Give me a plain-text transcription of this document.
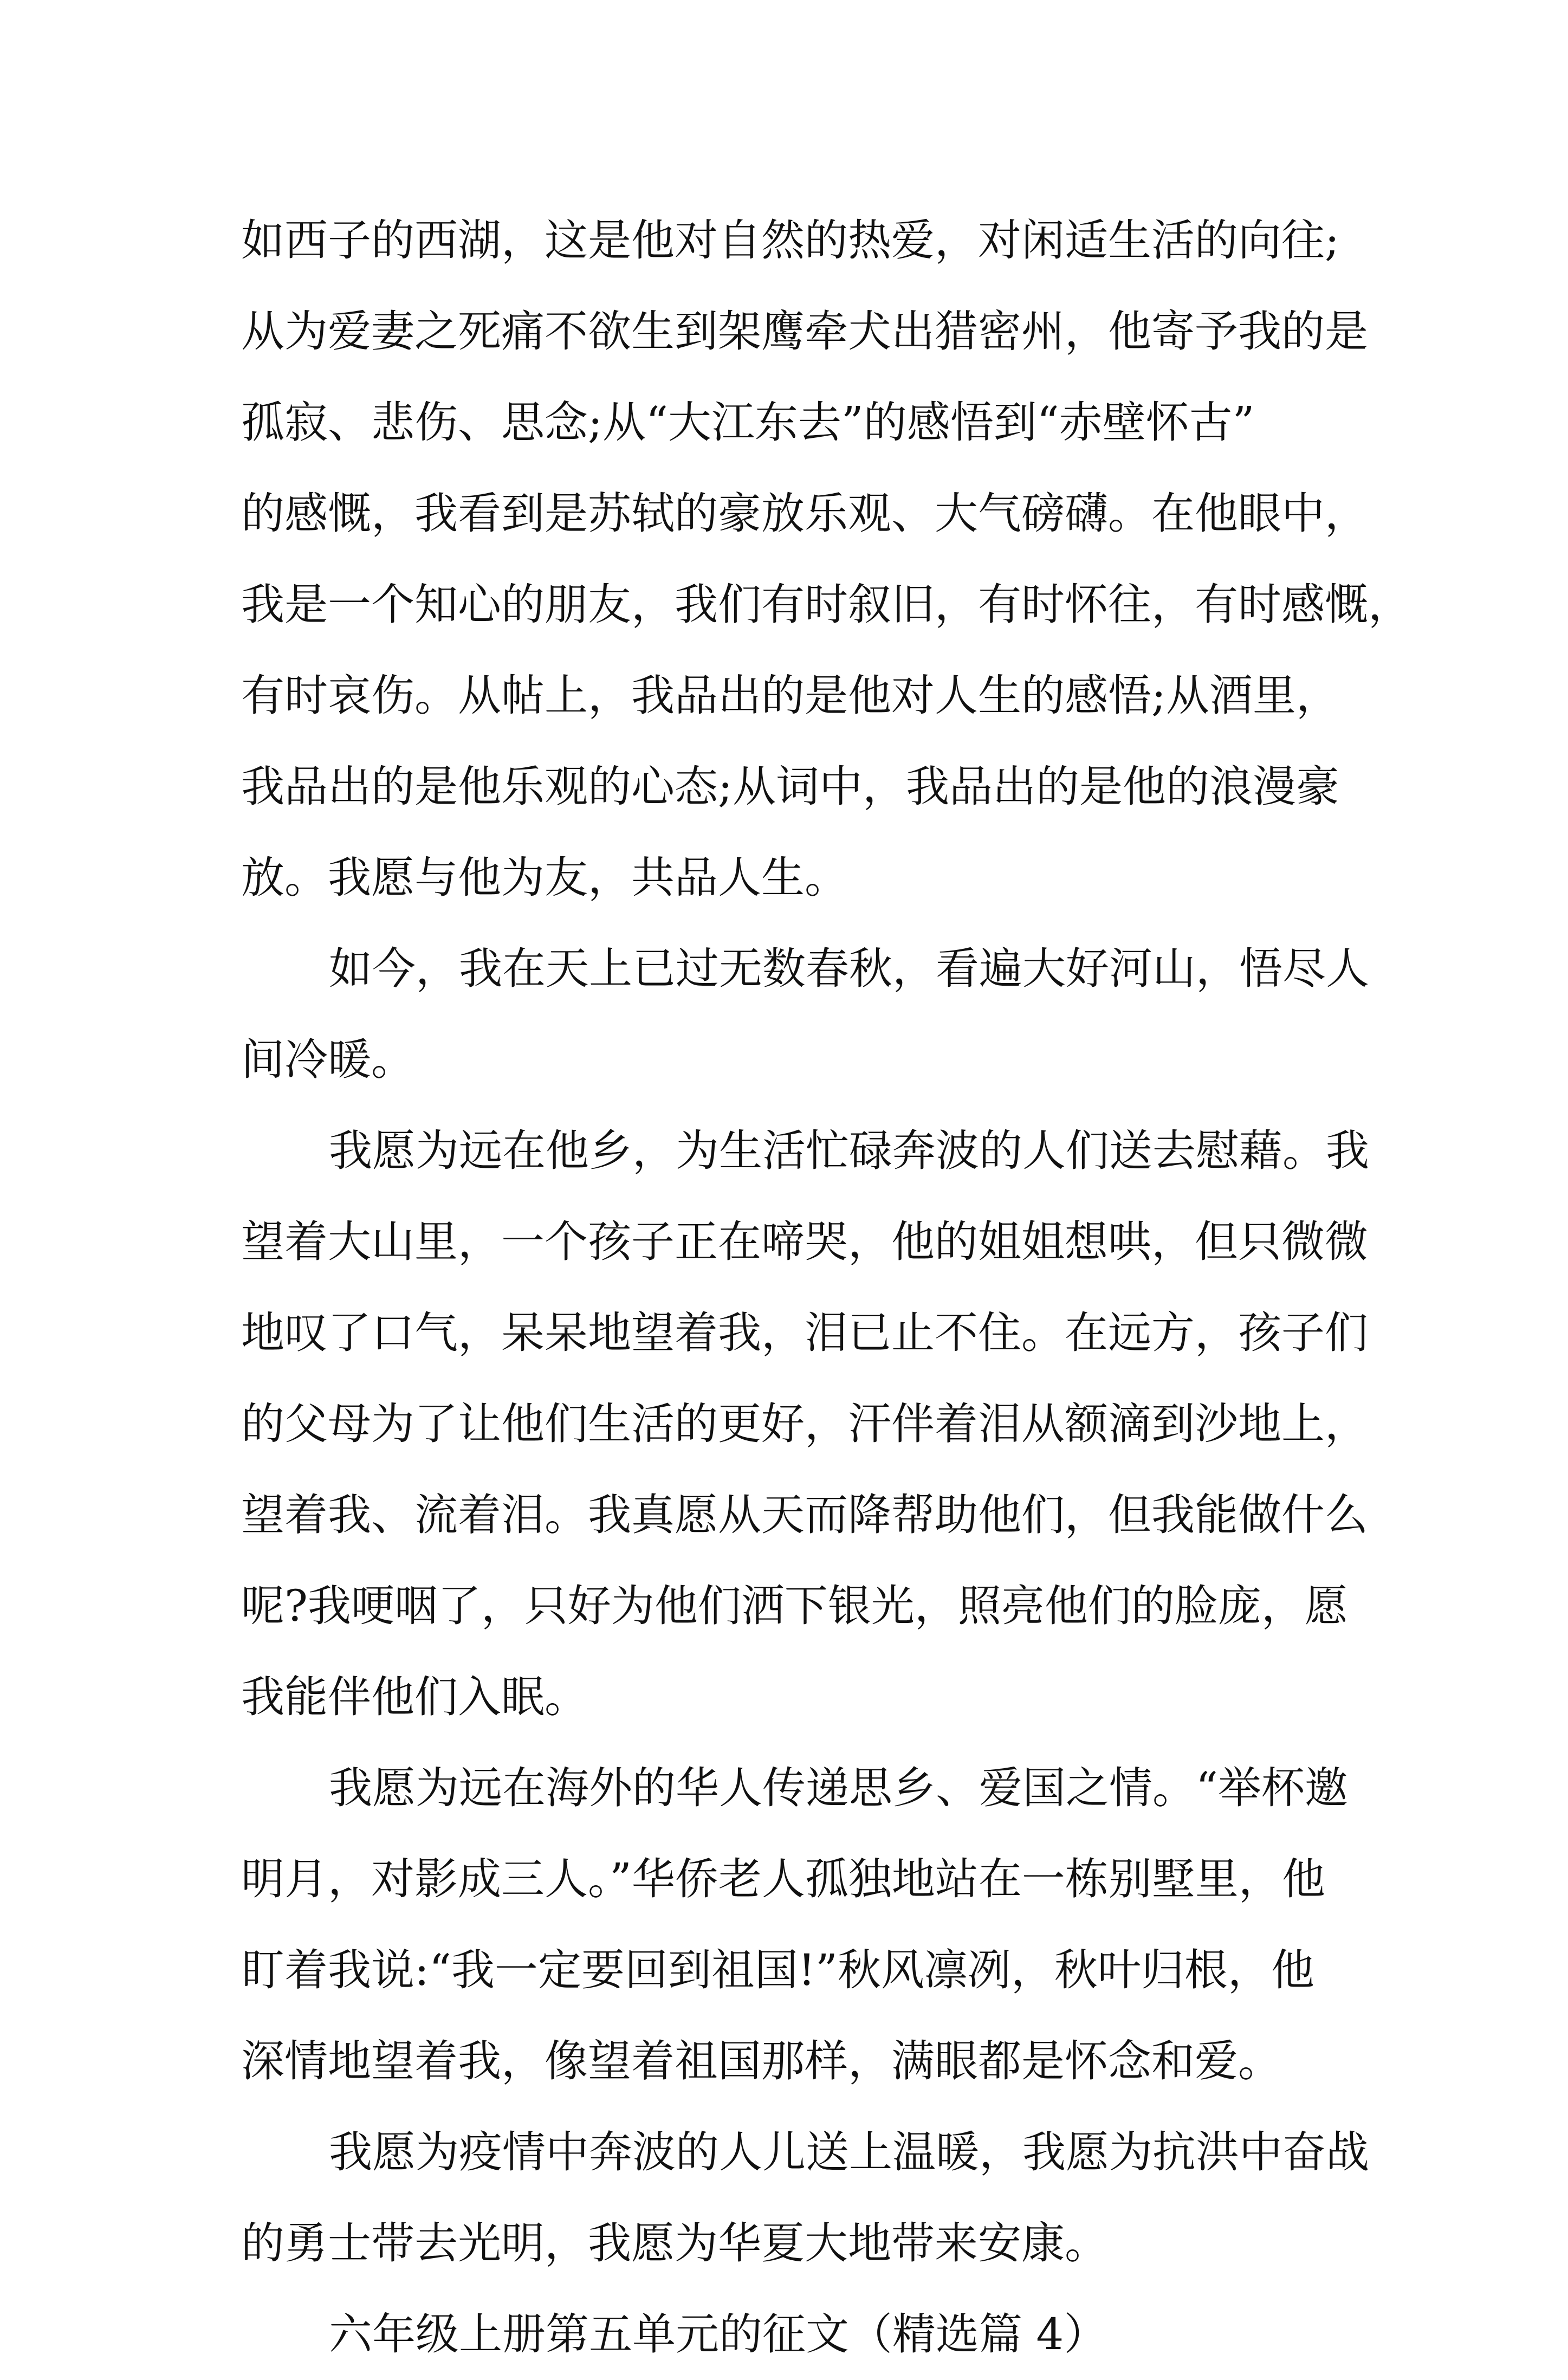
如西子的西湖，这是他对自然的热爱，对闲适生活的向往;
从为爱妻之死痛不欲生到架鹰牵犬出猎密州，他寄予我的是
孤寂、悲伤、思念;从“大江东去”的感悟到“赤壁怀古”
的感慨，我看到是苏轼的豪放乐观、大气磅礴。在他眼中，
我是一个知心的朋友，我们有时叙旧，有时怀往，有时感慨，
有时哀伤。从帖上，我品出的是他对人生的感悟;从酒里，
我品出的是他乐观的心态;从词中，我品出的是他的浪漫豪
放。我愿与他为友，共品人生。
如今，我在天上已过无数春秋，看遍大好河山，悟尽人
间冷暖。
我愿为远在他乡，为生活忙碌奔波的人们送去慰藉。我
望着大山里，一个孩子正在啼哭，他的姐姐想哄，但只微微
地叹了口气，呆呆地望着我，泪已止不住。在远方，孩子们
的父母为了让他们生活的更好，汗伴着泪从额滴到沙地上，
望着我、流着泪。我真愿从天而降帮助他们，但我能做什么
呢?我哽咽了，只好为他们洒下银光，照亮他们的脸庞，愿
我能伴他们入眠。
我愿为远在海外的华人传递思乡、爱国之情。“举杯邀
明月，对影成三人。”华侨老人孤独地站在一栋别墅里，他
盯着我说:“我一定要回到祖国!”秋风凛冽，秋叶归根，他
深情地望着我，像望着祖国那样，满眼都是怀念和爱。
我愿为疫情中奔波的人儿送上温暖，我愿为抗洪中奋战
的勇士带去光明，我愿为华夏大地带来安康。
六年级上册第五单元的征文（精选篇 4）
